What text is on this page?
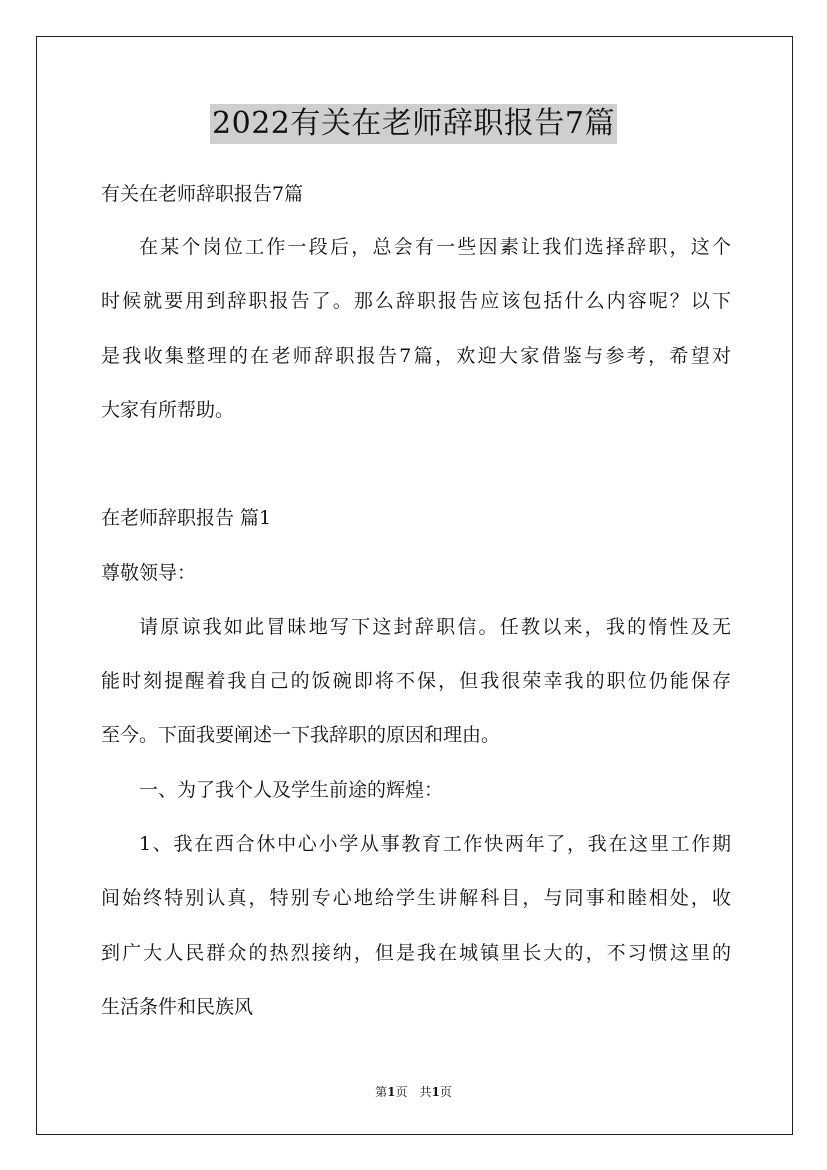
2022有关在老师辞职报告7篇
有关在老师辞职报告7篇
在某个岗位工作一段后，总会有一些因素让我们选择辞职，这个
时候就要用到辞职报告了。那么辞职报告应该包括什么内容呢？以下
是我收集整理的在老师辞职报告7篇，欢迎大家借鉴与参考，希望对
大家有所帮助。
在老师辞职报告 篇1
尊敬领导：
请原谅我如此冒昧地写下这封辞职信。任教以来，我的惰性及无
能时刻提醒着我自己的饭碗即将不保，但我很荣幸我的职位仍能保存
至今。下面我要阐述一下我辞职的原因和理由。
一、为了我个人及学生前途的辉煌：
1、我在西合休中心小学从事教育工作快两年了，我在这里工作期
间始终特别认真，特别专心地给学生讲解科目，与同事和睦相处，收
到广大人民群众的热烈接纳，但是我在城镇里长大的，不习惯这里的
生活条件和民族风
第1页　共1页
